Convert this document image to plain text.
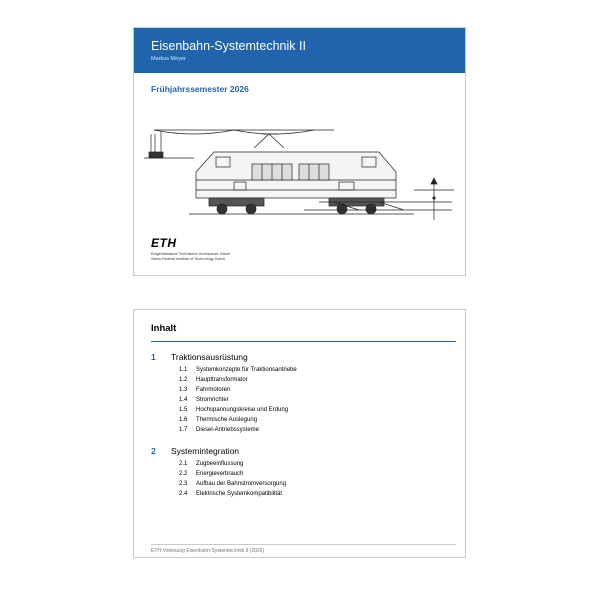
Eisenbahn-Systemtechnik II
Markus Meyer
Frühjahrssemester 2026
ETH
Eidgenössische Technische Hochschule Zürich
Swiss Federal Institute of Technology Zurich
Inhalt
1 Traktionsausrüstung
1.1 Systemkonzepte für Traktionsantriebe
1.2 Haupttransformator
1.3 Fahrmotoren
1.4 Stromrichter
1.5 Hochspannungskreise und Erdung
1.6 Thermische Auslegung
1.7 Diesel-Antriebssysteme
2 Systemintegration
2.1 Zugbeeinflussung
2.2 Energieverbrauch
2.3 Aufbau der Bahnstromversorgung
2.4 Elektrische Systemkompatibilität
ETH-Vorlesung Eisenbahn-Systemtechnik II (2026)
